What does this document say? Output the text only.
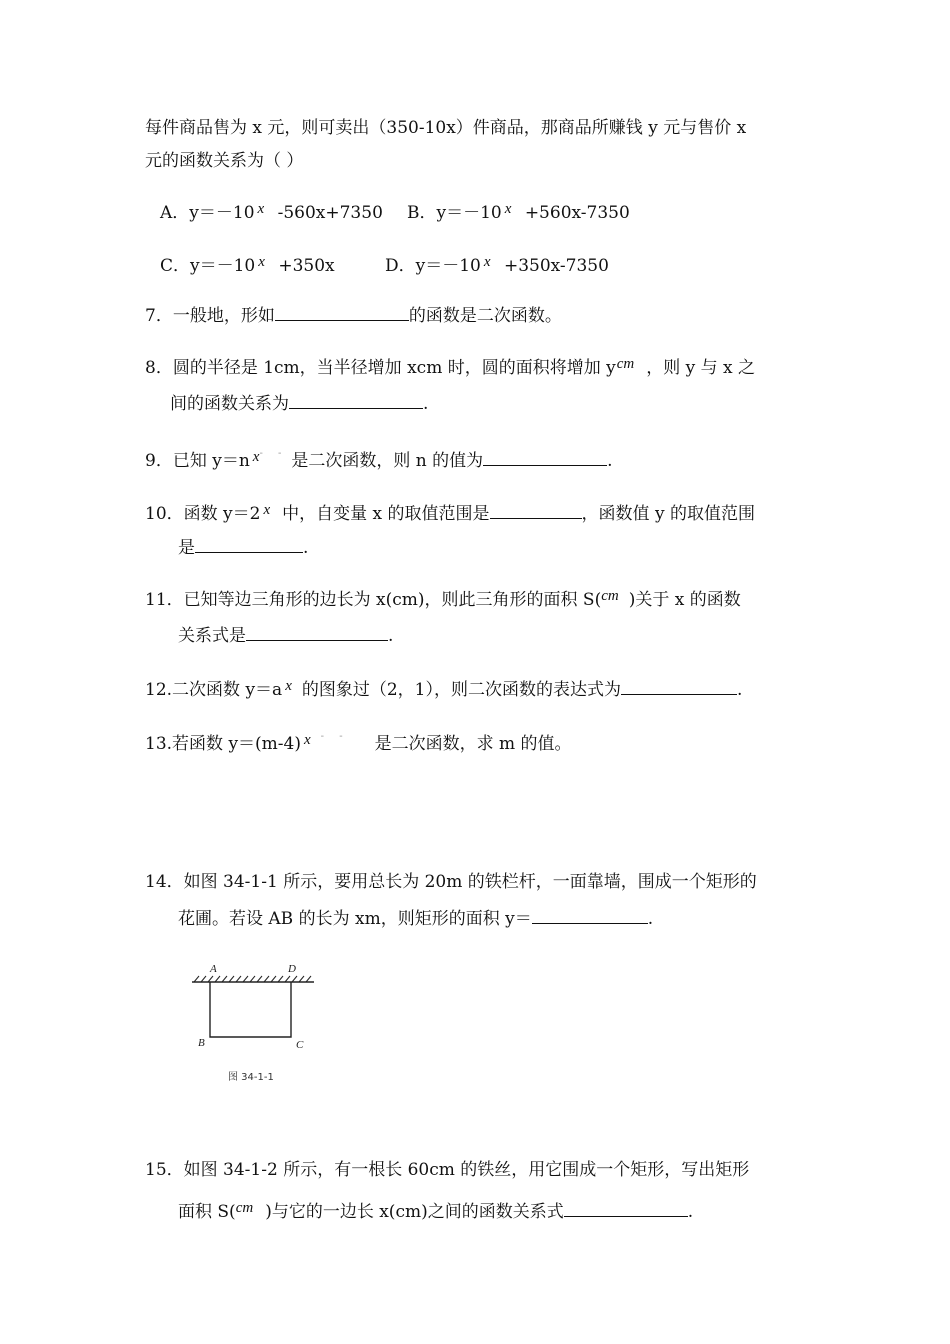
每件商品售为 x 元，则可卖出（350-10x）件商品，那商品所赚钱 y 元与售价 x
元的函数关系为（ ）
A．y＝－10 x -560x+7350 B．y＝－10 x +560x-7350
C．y＝－10 x +350x	D．y＝－10 x +350x-7350
7．一般地，形如	的函数是二次函数。
8．圆的半径是 1cm，当半径增加 xcm 时，圆的面积将增加 ycm ，则 y 与 x 之
间的函数关系为	.
9．已知 y＝n x‐ ‐ 是二次函数，则 n 的值为	.
10．函数 y＝2 x 中，自变量 x 的取值范围是	，函数值 y 的取值范围
是	.
11．已知等边三角形的边长为 x(cm)，则此三角形的面积 S(cm )关于 x 的函数
关系式是	.
12.二次函数 y＝a x 的图象过（2，1），则二次函数的表达式为	.
13.若函数 y＝(m-4) x ‐ ‐ 是二次函数，求 m 的值。
14．如图 34-1-1 所示，要用总长为 20m 的铁栏杆，一面靠墙，围成一个矩形的
花圃。若设 AB 的长为 xm，则矩形的面积 y＝	.
A	D
B	C
图 34-1-1
15．如图 34-1-2 所示，有一根长 60cm 的铁丝，用它围成一个矩形，写出矩形
面积 S(cm )与它的一边长 x(cm)之间的函数关系式	.
